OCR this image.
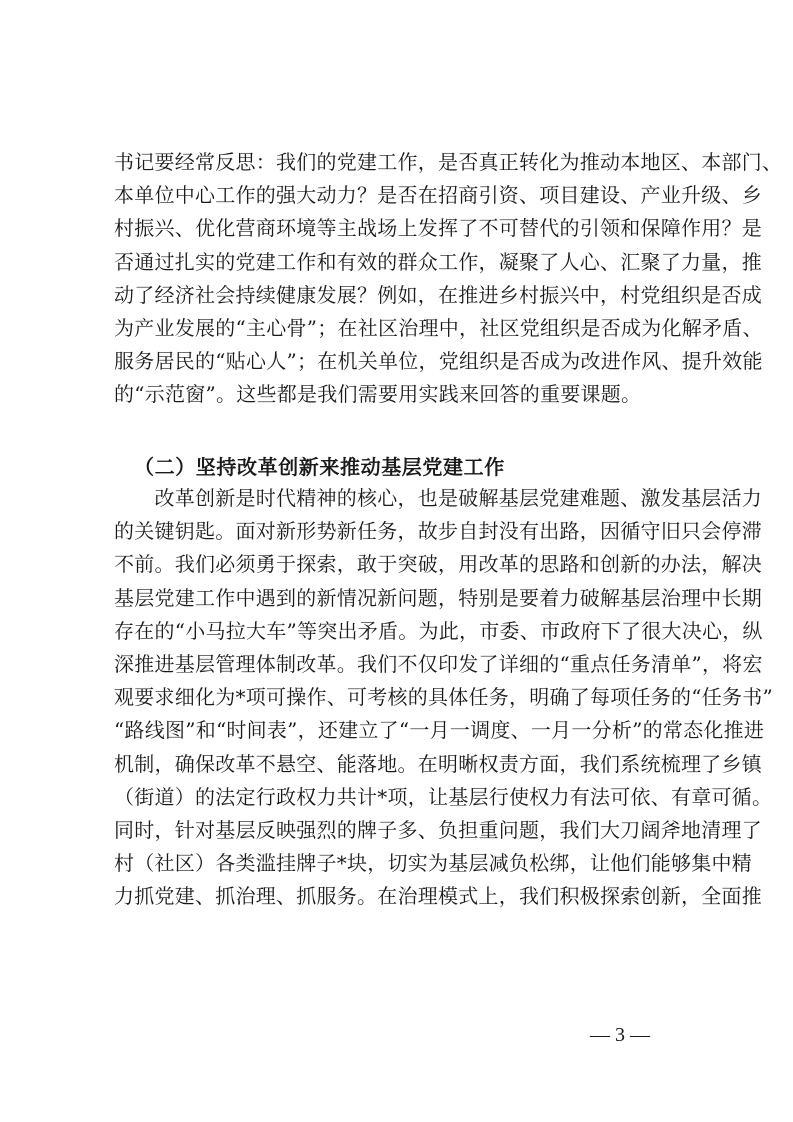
书记要经常反思：我们的党建工作，是否真正转化为推动本地区、本部门、
本单位中心工作的强大动力？是否在招商引资、项目建设、产业升级、乡
村振兴、优化营商环境等主战场上发挥了不可替代的引领和保障作用？是
否通过扎实的党建工作和有效的群众工作，凝聚了人心、汇聚了力量，推
动了经济社会持续健康发展？例如，在推进乡村振兴中，村党组织是否成
为产业发展的“主心骨”；在社区治理中，社区党组织是否成为化解矛盾、
服务居民的“贴心人”；在机关单位，党组织是否成为改进作风、提升效能
的“示范窗”。这些都是我们需要用实践来回答的重要课题。
（二）坚持改革创新来推动基层党建工作
　　改革创新是时代精神的核心，也是破解基层党建难题、激发基层活力
的关键钥匙。面对新形势新任务，故步自封没有出路，因循守旧只会停滞
不前。我们必须勇于探索，敢于突破，用改革的思路和创新的办法，解决
基层党建工作中遇到的新情况新问题，特别是要着力破解基层治理中长期
存在的“小马拉大车”等突出矛盾。为此，市委、市政府下了很大决心，纵
深推进基层管理体制改革。我们不仅印发了详细的“重点任务清单”，将宏
观要求细化为*项可操作、可考核的具体任务，明确了每项任务的“任务书”
“路线图”和“时间表”，还建立了“一月一调度、一月一分析”的常态化推进
机制，确保改革不悬空、能落地。在明晰权责方面，我们系统梳理了乡镇
（街道）的法定行政权力共计*项，让基层行使权力有法可依、有章可循。
同时，针对基层反映强烈的牌子多、负担重问题，我们大刀阔斧地清理了
村（社区）各类滥挂牌子*块，切实为基层减负松绑，让他们能够集中精
力抓党建、抓治理、抓服务。在治理模式上，我们积极探索创新，全面推
— 3 —
